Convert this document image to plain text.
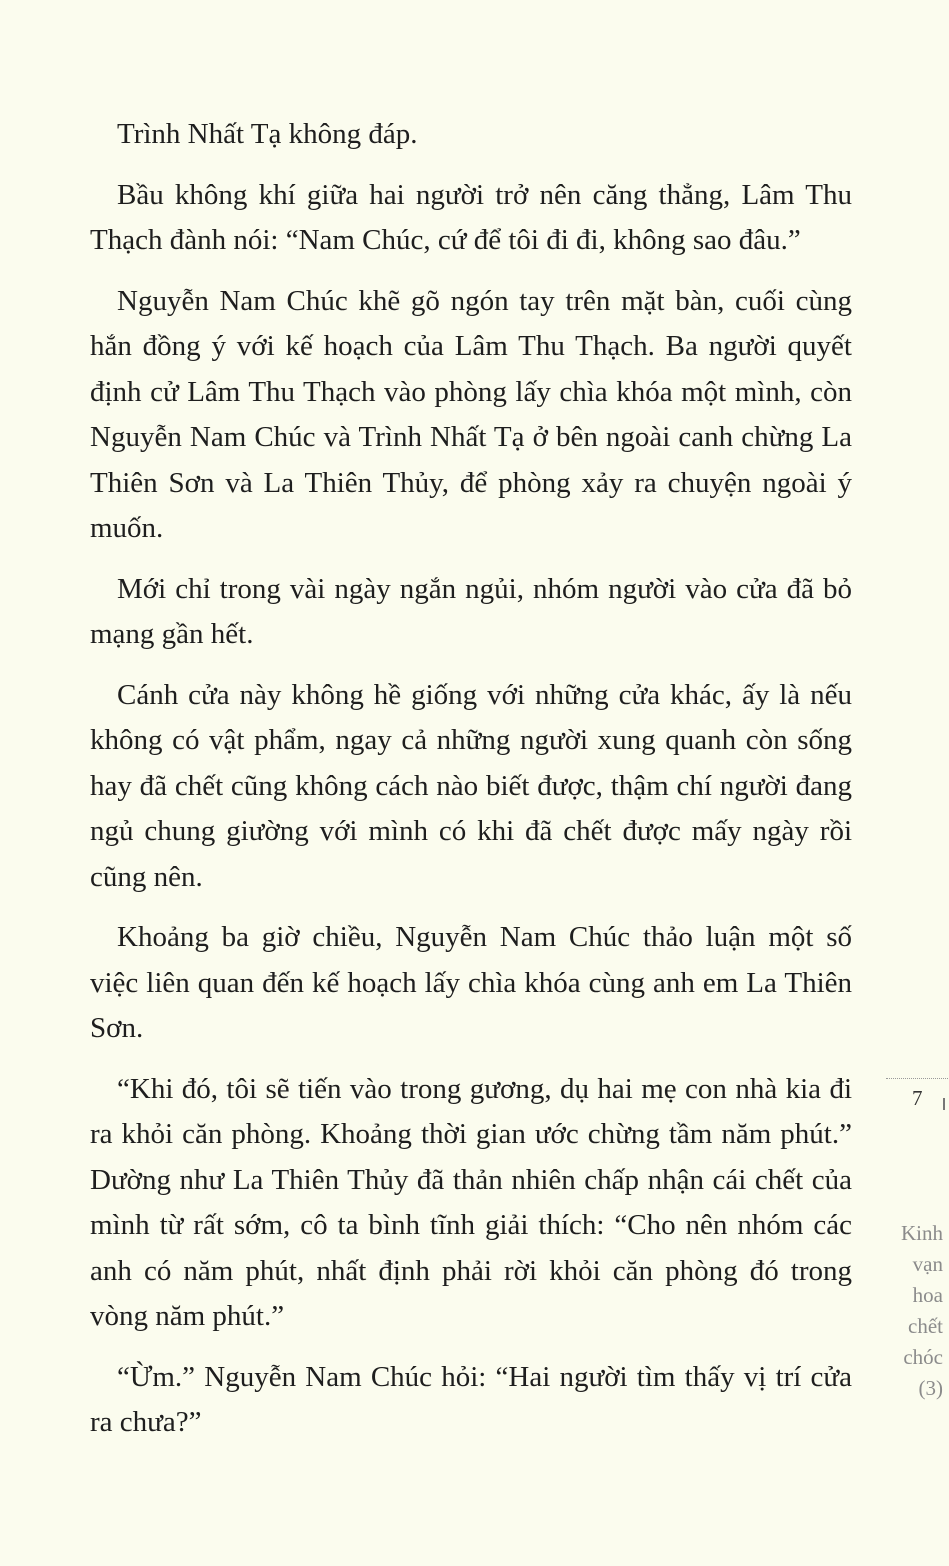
Trình Nhất Tạ không đáp.

Bầu không khí giữa hai người trở nên căng thẳng, Lâm Thu Thạch đành nói: “Nam Chúc, cứ để tôi đi đi, không sao đâu.”

Nguyễn Nam Chúc khẽ gõ ngón tay trên mặt bàn, cuối cùng hắn đồng ý với kế hoạch của Lâm Thu Thạch. Ba người quyết định cử Lâm Thu Thạch vào phòng lấy chìa khóa một mình, còn Nguyễn Nam Chúc và Trình Nhất Tạ ở bên ngoài canh chừng La Thiên Sơn và La Thiên Thủy, để phòng xảy ra chuyện ngoài ý muốn.

Mới chỉ trong vài ngày ngắn ngủi, nhóm người vào cửa đã bỏ mạng gần hết.

Cánh cửa này không hề giống với những cửa khác, ấy là nếu không có vật phẩm, ngay cả những người xung quanh còn sống hay đã chết cũng không cách nào biết được, thậm chí người đang ngủ chung giường với mình có khi đã chết được mấy ngày rồi cũng nên.

Khoảng ba giờ chiều, Nguyễn Nam Chúc thảo luận một số việc liên quan đến kế hoạch lấy chìa khóa cùng anh em La Thiên Sơn.

“Khi đó, tôi sẽ tiến vào trong gương, dụ hai mẹ con nhà kia đi ra khỏi căn phòng. Khoảng thời gian ước chừng tầm năm phút.” Dường như La Thiên Thủy đã thản nhiên chấp nhận cái chết của mình từ rất sớm, cô ta bình tĩnh giải thích: “Cho nên nhóm các anh có năm phút, nhất định phải rời khỏi căn phòng đó trong vòng năm phút.”

“Ừm.” Nguyễn Nam Chúc hỏi: “Hai người tìm thấy vị trí cửa ra chưa?”

Kinh
vạn
hoa
chết
chóc
(3)
7
